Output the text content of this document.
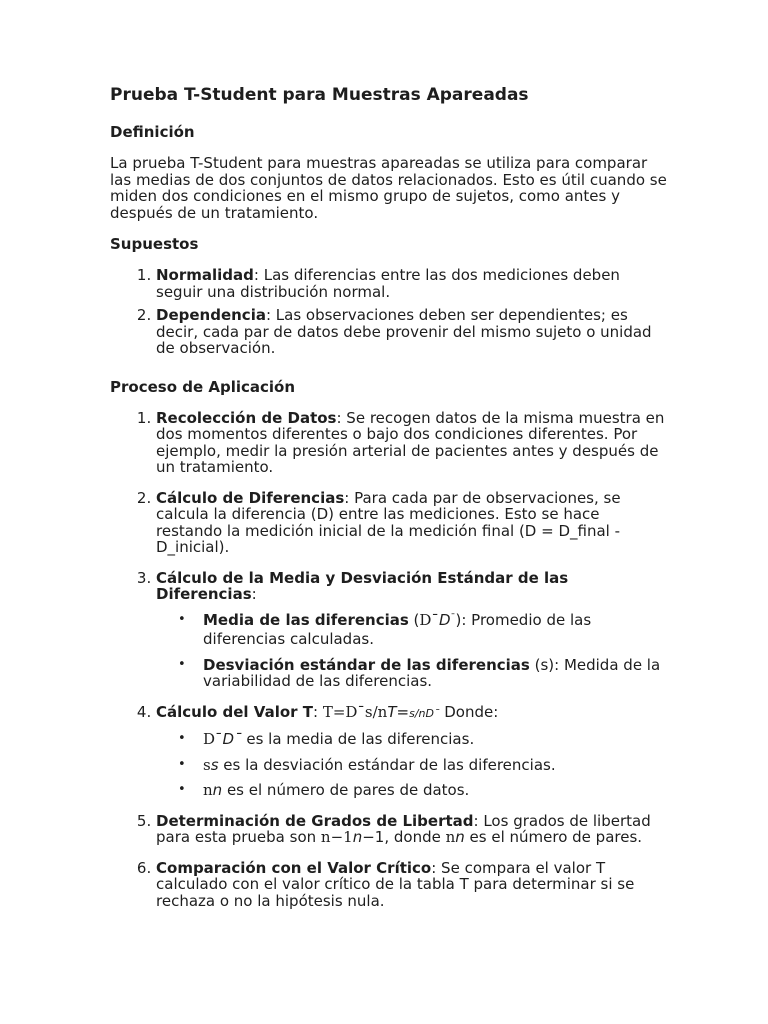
Prueba T-Student para Muestras Apareadas
Definición

La prueba T-Student para muestras apareadas se utiliza para comparar las medias de dos conjuntos de datos relacionados. Esto es útil cuando se miden dos condiciones en el mismo grupo de sujetos, como antes y después de un tratamiento.

Supuestos
1. Normalidad: Las diferencias entre las dos mediciones deben seguir una distribución normal.
2. Dependencia: Las observaciones deben ser dependientes; es decir, cada par de datos debe provenir del mismo sujeto o unidad de observación.
Proceso de Aplicación
1. Recolección de Datos: Se recogen datos de la misma muestra en dos momentos diferentes o bajo dos condiciones diferentes. Por ejemplo, medir la presión arterial de pacientes antes y después de un tratamiento.
2. Cálculo de Diferencias: Para cada par de observaciones, se calcula la diferencia (D) entre las mediciones. Esto se hace restando la medición inicial de la medición final (D = D_final - D_inicial).
3. Cálculo de la Media y Desviación Estándar de las Diferencias:
• Media de las diferencias (D¯D¯): Promedio de las diferencias calculadas.
• Desviación estándar de las diferencias (s): Medida de la variabilidad de las diferencias.
4. Cálculo del Valor T: T=D¯s/nT=s/nD¯ Donde:
• D¯D¯ es la media de las diferencias.
• ss es la desviación estándar de las diferencias.
• nn es el número de pares de datos.
5. Determinación de Grados de Libertad: Los grados de libertad para esta prueba son n−1n−1, donde nn es el número de pares.
6. Comparación con el Valor Crítico: Se compara el valor T calculado con el valor crítico de la tabla T para determinar si se rechaza o no la hipótesis nula.
